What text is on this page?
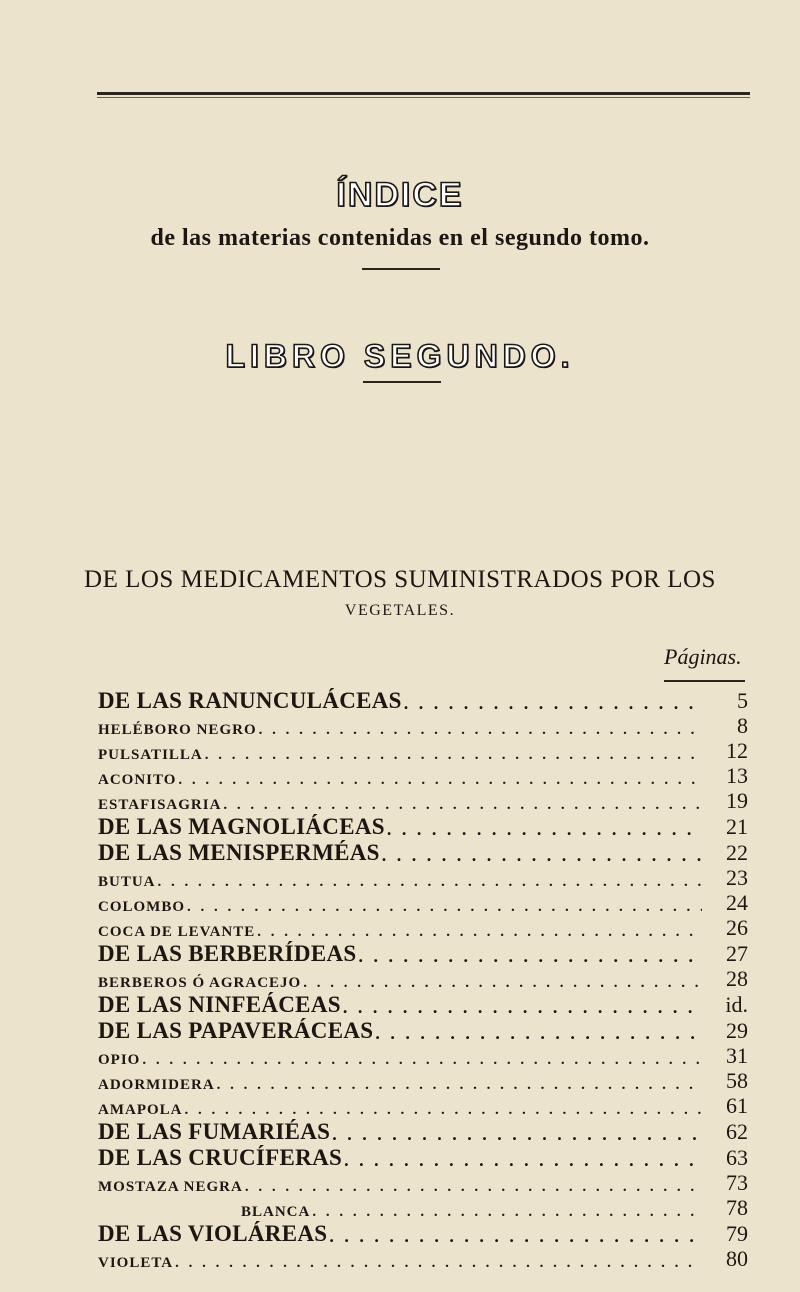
ÍNDICE
de las materias contenidas en el segundo tomo.
LIBRO SEGUNDO.
DE LOS MEDICAMENTOS SUMINISTRADOS POR LOS
VEGETALES.
Páginas.
DE LAS RANUNCULÁCEAS . . .	5
HELÉBORO NEGRO . . .	8
PULSATILLA . . .	12
ACONITO . . .	13
ESTAFISAGRIA . . .	19
DE LAS MAGNOLIÁCEAS . . .	21
DE LAS MENISPERMÉAS . . .	22
BUTUA . . .	23
COLOMBO . . .	24
COCA DE LEVANTE . . .	26
DE LAS BERBERÍDEAS . . .	27
BERBEROS Ó AGRACEJO . . .	28
DE LAS NINFEÁCEAS . . .	id.
DE LAS PAPAVERÁCEAS . . .	29
OPIO . . .	31
ADORMIDERA . . .	58
AMAPOLA . . .	61
DE LAS FUMARIÉAS . . .	62
DE LAS CRUCÍFERAS . . .	63
MOSTAZA NEGRA . . .	73
BLANCA . . .	78
DE LAS VIOLÁREAS . . .	79
VIOLETA . . .	80
